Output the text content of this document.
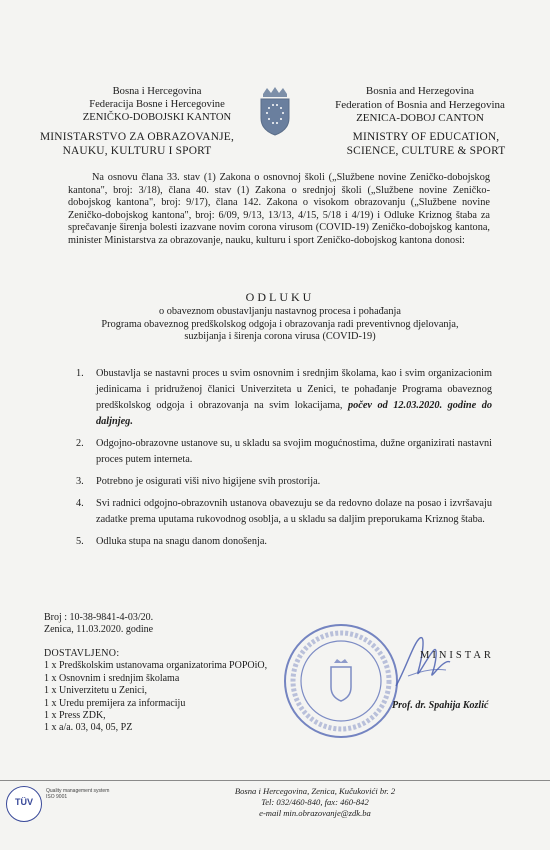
Bosna i Hercegovina
Federacija Bosne i Hercegovine
ZENIČKO-DOBOJSKI KANTON
Bosnia and Herzegovina
Federation of Bosnia and Herzegovina
ZENICA-DOBOJ CANTON
MINISTARSTVO ZA OBRAZOVANJE,
NAUKU, KULTURU I SPORT
MINISTRY OF EDUCATION,
SCIENCE, CULTURE & SPORT
Na osnovu člana 33. stav (1) Zakona o osnovnoj školi („Službene novine Zeničko-dobojskog kantona", broj: 3/18), člana 40. stav (1) Zakona o srednjoj školi („Službene novine Zeničko-dobojskog kantona", broj: 9/17), člana 142. Zakona o visokom obrazovanju („Službene novine Zeničko-dobojskog kantona", broj: 6/09, 9/13, 13/13, 4/15, 5/18 i 4/19) i Odluke Kriznog štaba za sprečavanje širenja bolesti izazvane novim corona virusom (COVID-19) Zeničko-dobojskog kantona, minister Ministarstva za obrazovanje, nauku, kulturu i sport Zeničko-dobojskog kantona donosi:
ODLUKU
o obaveznom obustavljanju nastavnog procesa i pohađanja
Programa obaveznog predškolskog odgoja i obrazovanja radi preventivnog djelovanja,
suzbijanja i širenja corona virusa (COVID-19)
1. Obustavlja se nastavni proces u svim osnovnim i srednjim školama, kao i svim organizacionim jedinicama i pridruženoj članici Univerziteta u Zenici, te pohađanje Programa obaveznog predškolskog odgoja i obrazovanja na svim lokacijama, počev od 12.03.2020. godine do daljnjeg.
2. Odgojno-obrazovne ustanove su, u skladu sa svojim mogućnostima, dužne organizirati nastavni proces putem interneta.
3. Potrebno je osigurati viši nivo higijene svih prostorija.
4. Svi radnici odgojno-obrazovnih ustanova obavezuju se da redovno dolaze na posao i izvršavaju zadatke prema uputama rukovodnog osoblja, a u skladu sa daljim preporukama Kriznog štaba.
5. Odluka stupa na snagu danom donošenja.
Broj : 10-38-9841-4-03/20.
Zenica, 11.03.2020. godine
DOSTAVLJENO:
1 x Predškolskim ustanovama organizatorima POPOiO,
1 x Osnovnim i srednjim školama
1 x Univerzitetu u Zenici,
1 x Uredu premijera za informaciju
1 x Press ZDK,
1 x a/a. 03, 04, 05, PZ
MINISTAR
Prof. dr. Spahija Kozlić
TÜV
Quality management system
ISO 9001
Bosna i Hercegovina, Zenica, Kučukovići br. 2
Tel: 032/460-840, fax: 460-842
e-mail min.obrazovanje@zdk.ba
